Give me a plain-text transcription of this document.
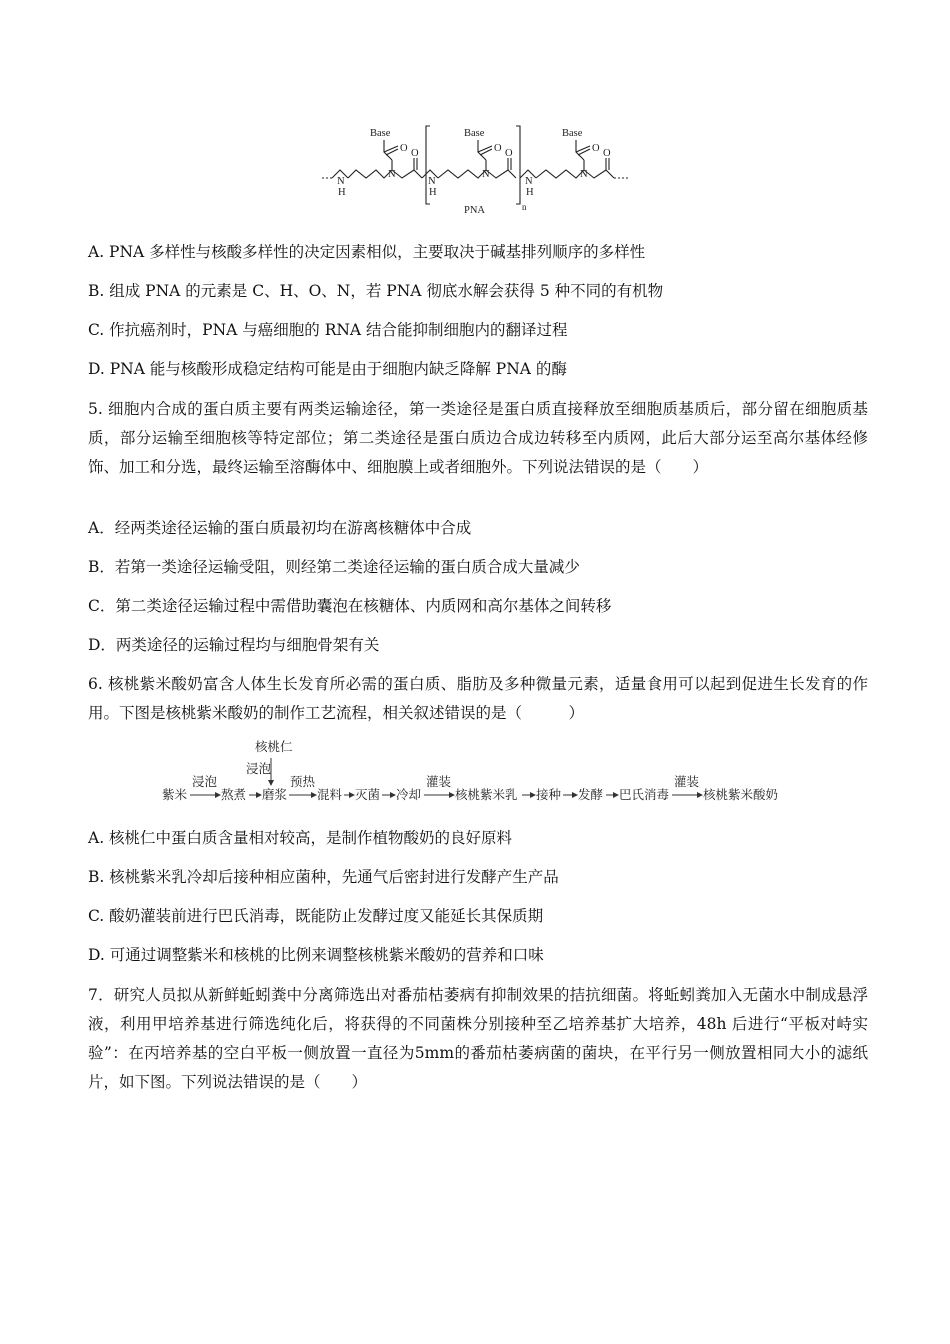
Base	Base	Base
O	O	O
O	O	O
N
H
N
N
H
N
N
H
N
n
PNA
A. PNA 多样性与核酸多样性的决定因素相似，主要取决于碱基排列顺序的多样性
B. 组成 PNA 的元素是 C、H、O、N，若 PNA 彻底水解会获得 5 种不同的有机物
C. 作抗癌剂时，PNA 与癌细胞的 RNA 结合能抑制细胞内的翻译过程
D. PNA 能与核酸形成稳定结构可能是由于细胞内缺乏降解 PNA 的酶
5. 细胞内合成的蛋白质主要有两类运输途径，第一类途径是蛋白质直接释放至细胞质基质后，部分留在细胞质基质，部分运输至细胞核等特定部位；第二类途径是蛋白质边合成边转移至内质网，此后大部分运至高尔基体经修饰、加工和分选，最终运输至溶酶体中、细胞膜上或者细胞外。下列说法错误的是（　　）
A．经两类途径运输的蛋白质最初均在游离核糖体中合成
B．若第一类途径运输受阻，则经第二类途径运输的蛋白质合成大量减少
C．第二类途径运输过程中需借助囊泡在核糖体、内质网和高尔基体之间转移
D．两类途径的运输过程均与细胞骨架有关
6. 核桃紫米酸奶富含人体生长发育所必需的蛋白质、脂肪及多种微量元素，适量食用可以起到促进生长发育的作用。下图是核桃紫米酸奶的制作工艺流程，相关叙述错误的是（　　　）
核桃仁
浸泡
浸泡	预热	灌装	灌装
紫米	熬煮 磨浆 混料 灭菌 冷却	核桃紫米乳 接种 发酵 巴氏消毒	核桃紫米酸奶
A. 核桃仁中蛋白质含量相对较高，是制作植物酸奶的良好原料
B. 核桃紫米乳冷却后接种相应菌种，先通气后密封进行发酵产生产品
C. 酸奶灌装前进行巴氏消毒，既能防止发酵过度又能延长其保质期
D. 可通过调整紫米和核桃的比例来调整核桃紫米酸奶的营养和口味
7．研究人员拟从新鲜蚯蚓粪中分离筛选出对番茄枯萎病有抑制效果的拮抗细菌。将蚯蚓粪加入无菌水中制成悬浮液，利用甲培养基进行筛选纯化后，将获得的不同菌株分别接种至乙培养基扩大培养，48h 后进行“平板对峙实验”：在丙培养基的空白平板一侧放置一直径为5mm的番茄枯萎病菌的菌块，在平行另一侧放置相同大小的滤纸片，如下图。下列说法错误的是（　　）
